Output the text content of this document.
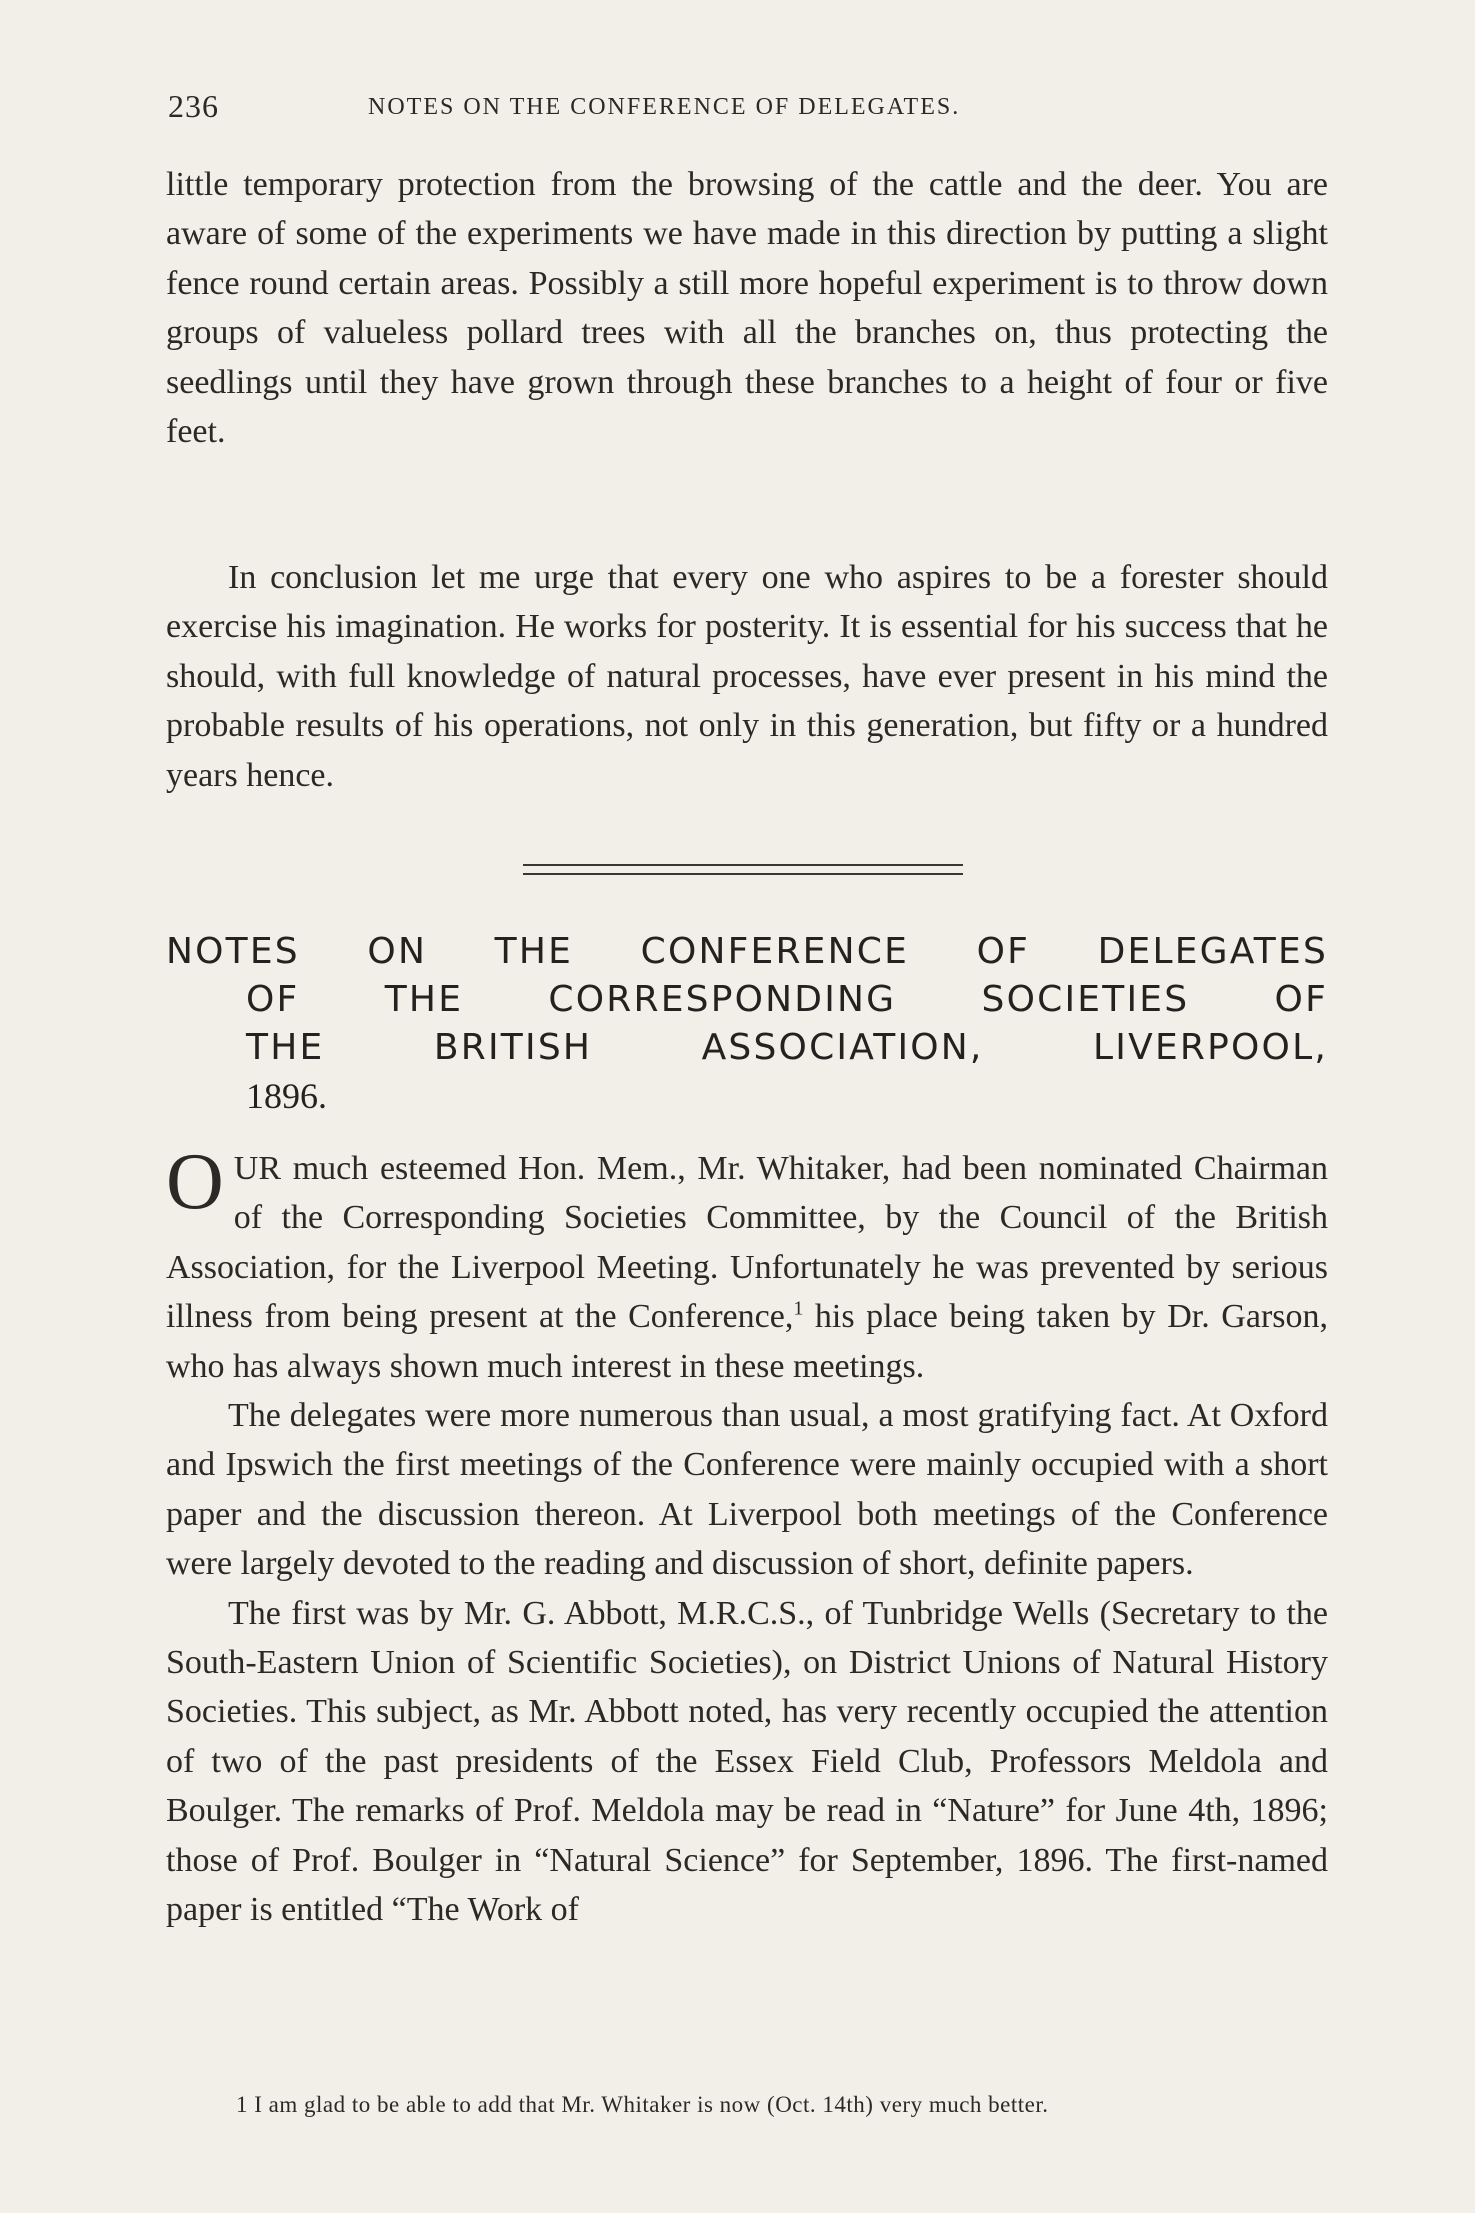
236	NOTES ON THE CONFERENCE OF DELEGATES.

little temporary protection from the browsing of the cattle and the deer. You are aware of some of the experiments we have made in this direction by putting a slight fence round certain areas. Possibly a still more hopeful experiment is to throw down groups of valueless pollard trees with all the branches on, thus protecting the seedlings until they have grown through these branches to a height of four or five feet.

In conclusion let me urge that every one who aspires to be a forester should exercise his imagination. He works for posterity. It is essential for his success that he should, with full knowledge of natural processes, have ever present in his mind the probable results of his operations, not only in this generation, but fifty or a hundred years hence.

NOTES ON THE CONFERENCE OF DELEGATES
OF THE CORRESPONDING SOCIETIES OF
THE BRITISH ASSOCIATION, LIVERPOOL,
1896.

OUR much esteemed Hon. Mem., Mr. Whitaker, had been nominated Chairman of the Corresponding Societies Committee, by the Council of the British Association, for the Liverpool Meeting. Unfortunately he was prevented by serious illness from being present at the Conference,$^1$ his place being taken by Dr. Garson, who has always shown much interest in these meetings.

The delegates were more numerous than usual, a most gratifying fact. At Oxford and Ipswich the first meetings of the Conference were mainly occupied with a short paper and the discussion thereon. At Liverpool both meetings of the Conference were largely devoted to the reading and discussion of short, definite papers.

The first was by Mr. G. Abbott, M.R.C.S., of Tunbridge Wells (Secretary to the South-Eastern Union of Scientific Societies), on District Unions of Natural History Societies. This subject, as Mr. Abbott noted, has very recently occupied the attention of two of the past presidents of the Essex Field Club, Professors Meldola and Boulger. The remarks of Prof. Meldola may be read in “Nature” for June 4th, 1896; those of Prof. Boulger in “Natural Science” for September, 1896. The first-named paper is entitled “The Work of

1 I am glad to be able to add that Mr. Whitaker is now (Oct. 14th) very much better.
